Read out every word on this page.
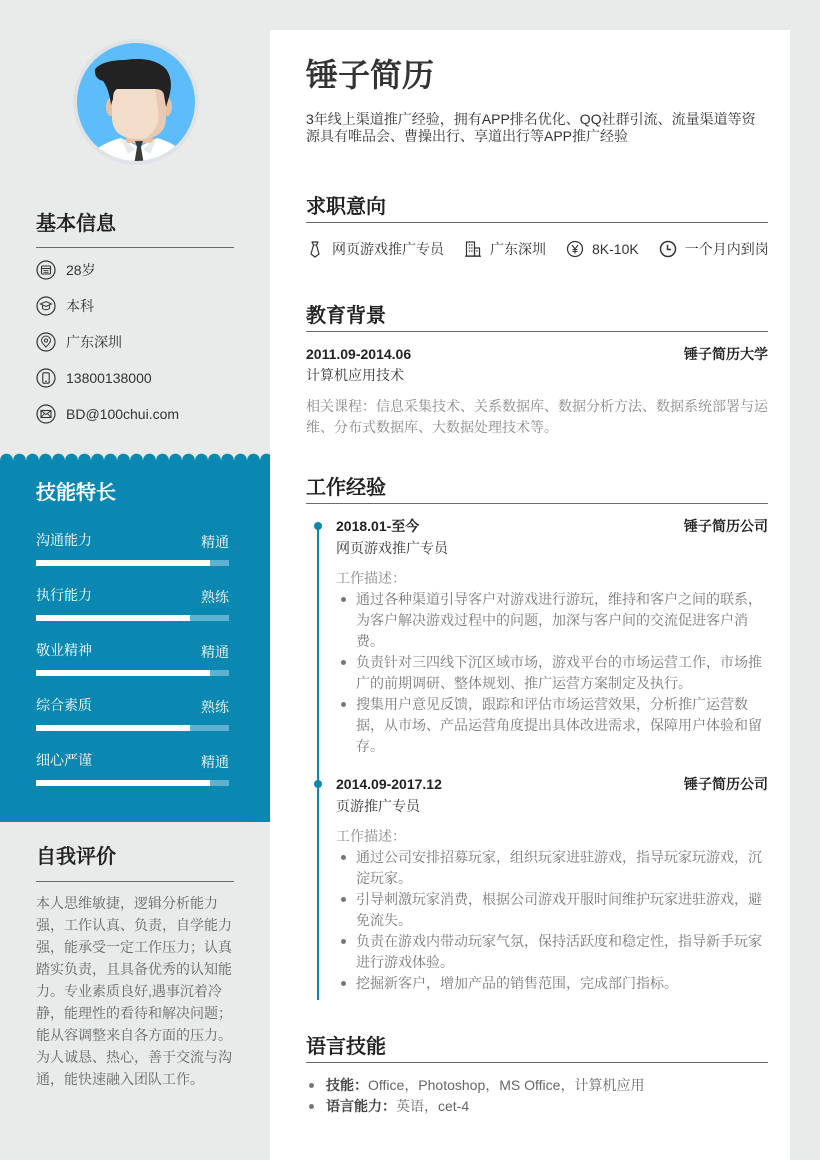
基本信息
28岁
本科
广东深圳
13800138000
BD@100chui.com
技能特长
沟通能力	精通
执行能力	熟练
敬业精神	精通
综合素质	熟练
细心严谨	精通
自我评价

本人思维敏捷，逻辑分析能力强，工作认真、负责，自学能力强，能承受一定工作压力；认真踏实负责，且具备优秀的认知能力。专业素质良好,遇事沉着冷静，能理性的看待和解决问题；能从容调整来自各方面的压力。为人诚恳、热心，善于交流与沟通，能快速融入团队工作。

锤子简历

3年线上渠道推广经验，拥有APP排名优化、QQ社群引流、流量渠道等资源具有唯品会、曹操出行、享道出行等APP推广经验

求职意向
网页游戏推广专员	广东深圳	8K-10K	一个月内到岗
教育背景
2011.09-2014.06	锤子简历大学
计算机应用技术

相关课程：信息采集技术、关系数据库、数据分析方法、数据系统部署与运维、分布式数据库、大数据处理技术等。

工作经验
2018.01-至今	锤子简历公司
网页游戏推广专员
工作描述：
通过各种渠道引导客户对游戏进行游玩，维持和客户之间的联系，为客户解决游戏过程中的问题，加深与客户间的交流促进客户消费。
负责针对三四线下沉区域市场，游戏平台的市场运营工作，市场推广的前期调研、整体规划、推广运营方案制定及执行。
搜集用户意见反馈，跟踪和评估市场运营效果，分析推广运营数据，从市场、产品运营角度提出具体改进需求，保障用户体验和留存。
2014.09-2017.12	锤子简历公司
页游推广专员
工作描述：
通过公司安排招募玩家，组织玩家进驻游戏，指导玩家玩游戏，沉淀玩家。
引导刺激玩家消费，根据公司游戏开服时间维护玩家进驻游戏，避免流失。
负责在游戏内带动玩家气氛，保持活跃度和稳定性，指导新手玩家进行游戏体验。
挖掘新客户，增加产品的销售范围，完成部门指标。
语言技能
技能：Office，Photoshop，MS Office，计算机应用
语言能力：英语，cet-4
